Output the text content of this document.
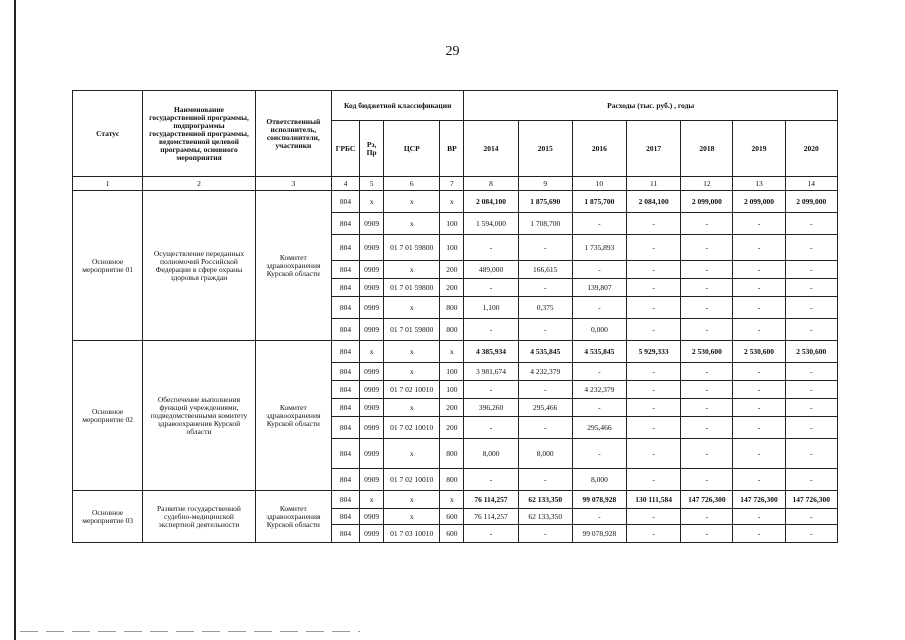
29
Статус	Наименование государственной программы, подпрограммы государственной программы, ведомственной целевой программы, основного мероприятия	Ответственный исполнитель, соисполнители, участники	Код бюджетной классификации				Расходы (тыс. руб.) , годы						
			ГРБС	Рз, Пр	ЦСР	ВР	2014	2015	2016	2017	2018	2019	2020
1	2	3	4	5	6	7	8	9	10	11	12	13	14
Основное мероприятие 01	Осуществление переданных полномочий Российской Федерации в сфере охраны здоровья граждан	Комитет здравоохранения Курской области	804	х	х	х	2 084,100	1 875,690	1 875,700	2 084,100	2 099,000	2 099,000	2 099,000
			804	0909	х	100	1 594,000	1 708,700	-	-	-	-	-
			804	0909	01 7 01 59800	100	-	-	1 735,893	-	-	-	-
			804	0909	х	200	489,000	166,615	-	-	-	-	-
			804	0909	01 7 01 59800	200	-	-	139,807	-	-	-	-
			804	0909	х	800	1,100	0,375	-	-	-	-	-
			804	0909	01 7 01 59800	800	-	-	0,000	-	-	-	-
Основное мероприятие 02	Обеспечение выполнения функций учреждениями, подведомственными комитету здравоохранения Курской области	Комитет здравоохранения Курской области	804	х	х	х	4 385,934	4 535,845	4 535,845	5 929,333	2 530,600	2 530,600	2 530,600
			804	0909	х	100	3 981,674	4 232,379	-	-	-	-	-
			804	0909	01 7 02 10010	100	-	-	4 232,379	-	-	-	-
			804	0909	х	200	396,260	295,466	-	-	-	-	-
			804	0909	01 7 02 10010	200	-	-	295,466	-	-	-	-
			804	0909	х	800	8,000	8,000	-	-	-	-	-
			804	0909	01 7 02 10010	800	-	-	8,000	-	-	-	-
Основное мероприятие 03	Развитие государственной судебно-медицинской экспертной деятельности	Комитет здравоохранения Курской области	804	х	х	х	76 114,257	62 133,350	99 078,928	130 111,584	147 726,300	147 726,300	147 726,300
			804	0909	х	600	76 114,257	62 133,350	-	-	-	-	-
			804	0909	01 7 03 10010	600	-	-	99 078,928	-	-	-	-
